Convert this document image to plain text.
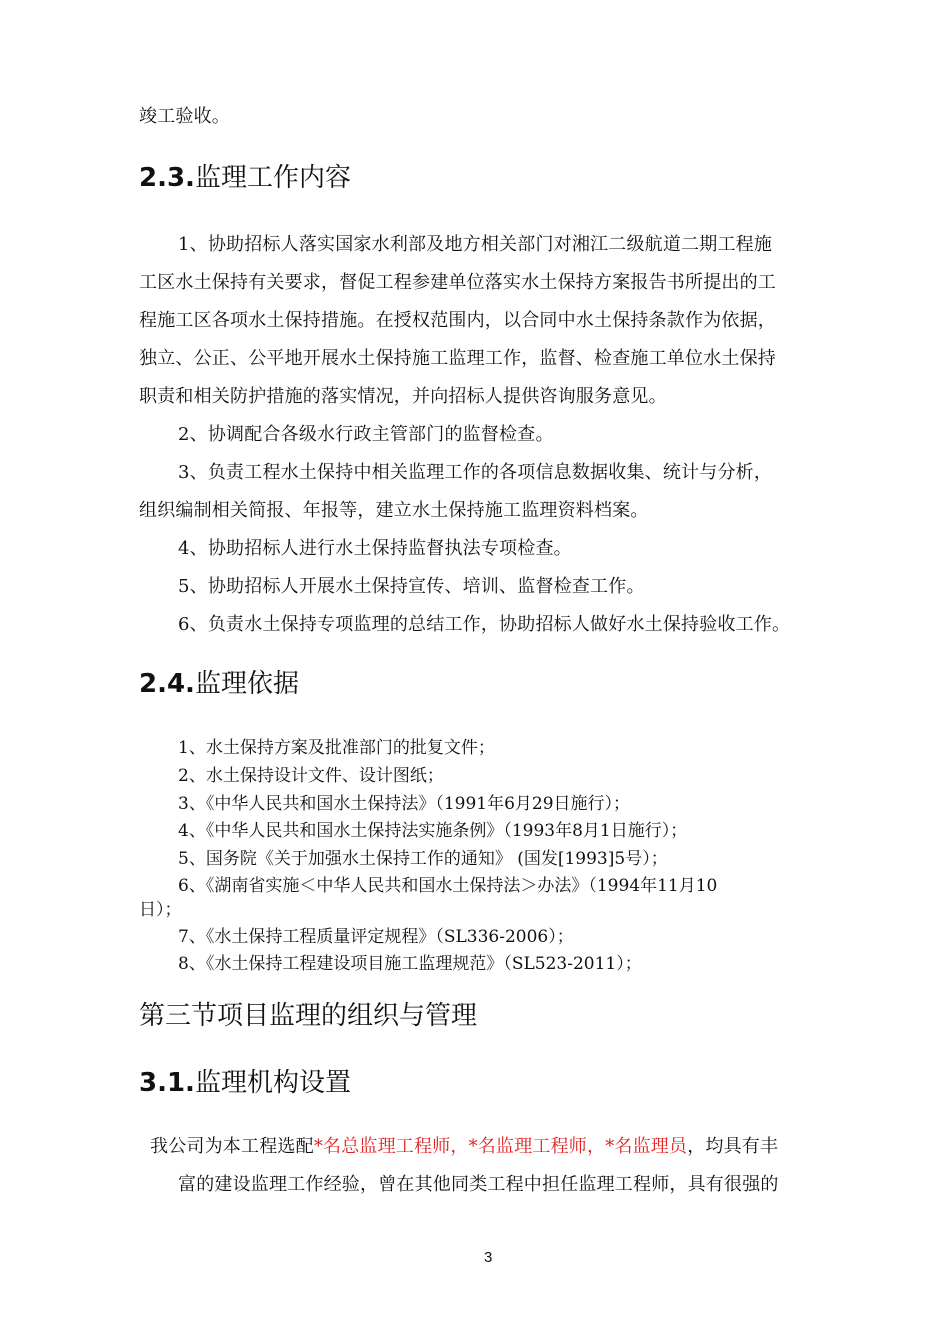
竣工验收。
2.3.监理工作内容
1、协助招标人落实国家水利部及地方相关部门对湘江二级航道二期工程施
工区水土保持有关要求，督促工程参建单位落实水土保持方案报告书所提出的工
程施工区各项水土保持措施。在授权范围内，以合同中水土保持条款作为依据，
独立、公正、公平地开展水土保持施工监理工作，监督、检查施工单位水土保持
职责和相关防护措施的落实情况，并向招标人提供咨询服务意见。
2、协调配合各级水行政主管部门的监督检查。
3、负责工程水土保持中相关监理工作的各项信息数据收集、统计与分析，
组织编制相关简报、年报等，建立水土保持施工监理资料档案。
4、协助招标人进行水土保持监督执法专项检查。
5、协助招标人开展水土保持宣传、培训、监督检查工作。
6、负责水土保持专项监理的总结工作，协助招标人做好水土保持验收工作。
2.4.监理依据
1、水土保持方案及批准部门的批复文件；
2、水土保持设计文件、设计图纸；
3、《中华人民共和国水土保持法》（1991年6月29日施行）；
4、《中华人民共和国水土保持法实施条例》（1993年8月1日施行）；
5、国务院《关于加强水土保持工作的通知》 (国发[1993]5号）；
6、《湖南省实施＜中华人民共和国水土保持法＞办法》（1994年11月10
日）；
7、《水土保持工程质量评定规程》（SL336-2006）；
8、《水土保持工程建设项目施工监理规范》（SL523-2011）；
第三节项目监理的组织与管理
3.1.监理机构设置
我公司为本工程选配*名总监理工程师，*名监理工程师，*名监理员，均具有丰
富的建设监理工作经验，曾在其他同类工程中担任监理工程师，具有很强的
3
